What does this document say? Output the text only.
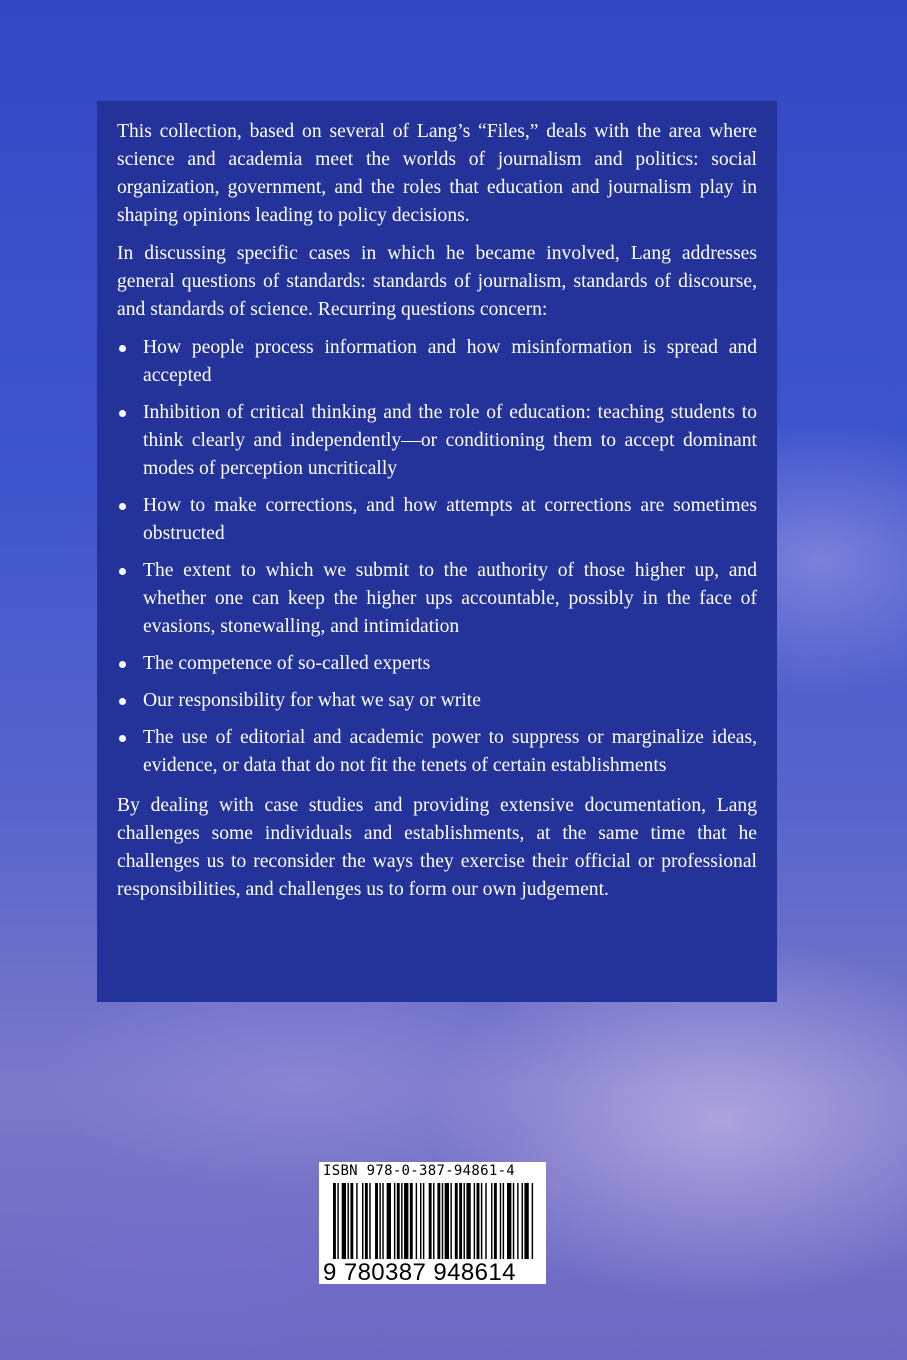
This collection, based on several of Lang’s “Files,” deals with the area where science and academia meet the worlds of journalism and politics: social organization, government, and the roles that education and journalism play in shaping opinions leading to policy decisions.

In discussing specific cases in which he became involved, Lang addresses general questions of standards: standards of journalism, standards of discourse, and standards of science. Recurring questions concern:

How people process information and how misinformation is spread and accepted
Inhibition of critical thinking and the role of education: teaching students to think clearly and independently—or conditioning them to accept dominant modes of perception uncritically
How to make corrections, and how attempts at corrections are sometimes obstructed
The extent to which we submit to the authority of those higher up, and whether one can keep the higher ups accountable, possibly in the face of evasions, stonewalling, and intimidation
The competence of so-called experts
Our responsibility for what we say or write
The use of editorial and academic power to suppress or marginalize ideas, evidence, or data that do not fit the tenets of certain establishments

By dealing with case studies and providing extensive documentation, Lang challenges some individuals and establishments, at the same time that he challenges us to reconsider the ways they exercise their official or professional responsibilities, and challenges us to form our own judgement.

ISBN 978-0-387-94861-4
9 780387 948614
